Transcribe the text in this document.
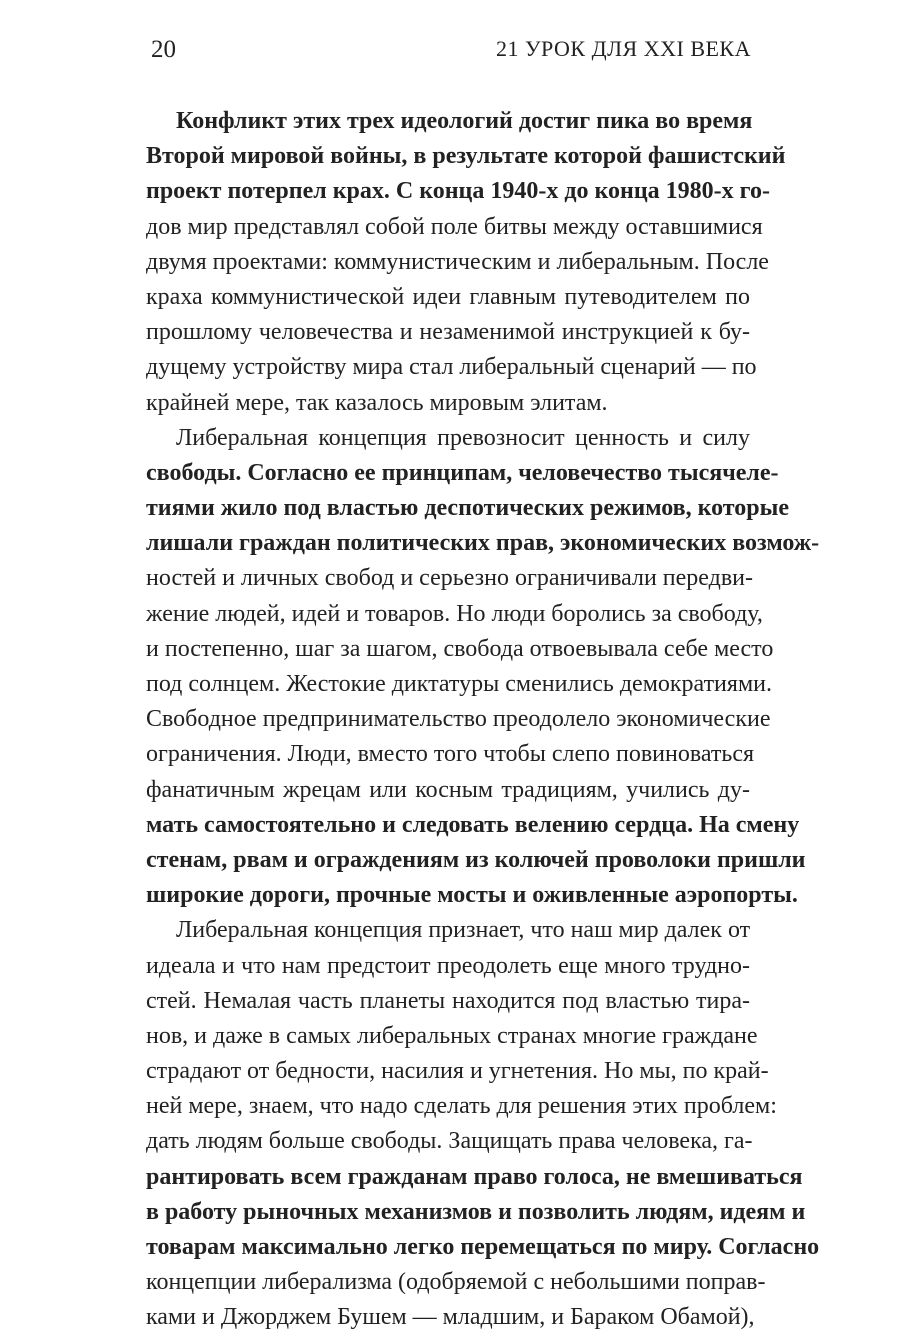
20	21 УРОК ДЛЯ XXI ВЕКА
Конфликт этих трех идеологий достиг пика во время
Второй мировой войны, в результате которой фашистский
проект потерпел крах. С конца 1940-х до конца 1980-х го-
дов мир представлял собой поле битвы между оставшимися
двумя проектами: коммунистическим и либеральным. После
краха коммунистической идеи главным путеводителем по
прошлому человечества и незаменимой инструкцией к бу-
дущему устройству мира стал либеральный сценарий — по
крайней мере, так казалось мировым элитам.
Либеральная концепция превозносит ценность и силу
свободы. Согласно ее принципам, человечество тысячеле-
тиями жило под властью деспотических режимов, которые
лишали граждан политических прав, экономических возмож-
ностей и личных свобод и серьезно ограничивали передви-
жение людей, идей и товаров. Но люди боролись за свободу,
и постепенно, шаг за шагом, свобода отвоевывала себе место
под солнцем. Жестокие диктатуры сменились демократиями.
Свободное предпринимательство преодолело экономические
ограничения. Люди, вместо того чтобы слепо повиноваться
фанатичным жрецам или косным традициям, учились ду-
мать самостоятельно и следовать велению сердца. На смену
стенам, рвам и ограждениям из колючей проволоки пришли
широкие дороги, прочные мосты и оживленные аэропорты.
Либеральная концепция признает, что наш мир далек от
идеала и что нам предстоит преодолеть еще много трудно-
стей. Немалая часть планеты находится под властью тира-
нов, и даже в самых либеральных странах многие граждане
страдают от бедности, насилия и угнетения. Но мы, по край-
ней мере, знаем, что надо сделать для решения этих проблем:
дать людям больше свободы. Защищать права человека, га-
рантировать всем гражданам право голоса, не вмешиваться
в работу рыночных механизмов и позволить людям, идеям и
товарам максимально легко перемещаться по миру. Согласно
концепции либерализма (одобряемой с небольшими поправ-
ками и Джорджем Бушем — младшим, и Бараком Обамой),
